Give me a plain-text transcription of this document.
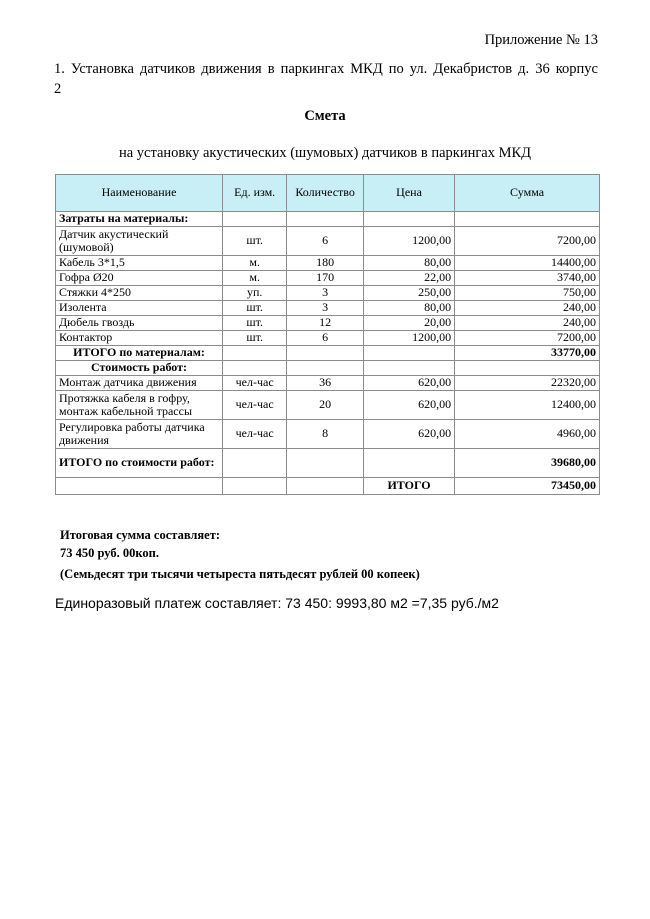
Приложение № 13
1. Установка датчиков движения в паркингах МКД по ул. Декабристов д. 36 корпус 2
Смета
на установку акустических (шумовых) датчиков в паркингах МКД
Наименование	Ед. изм.	Количество	Цена	Сумма
Затраты на материалы:				
Датчик акустический (шумовой)	шт.	6	1200,00	7200,00
Кабель 3*1,5	м.	180	80,00	14400,00
Гофра Ø20	м.	170	22,00	3740,00
Стяжки 4*250	уп.	3	250,00	750,00
Изолента	шт.	3	80,00	240,00
Дюбель гвоздь	шт.	12	20,00	240,00
Контактор	шт.	6	1200,00	7200,00
ИТОГО по материалам:				33770,00
Стоимость работ:				
Монтаж датчика движения	чел-час	36	620,00	22320,00
Протяжка кабеля в гофру, монтаж кабельной трассы	чел-час	20	620,00	12400,00
Регулировка работы датчика движения	чел-час	8	620,00	4960,00
ИТОГО по стоимости работ:				39680,00
			ИТОГО	73450,00
Итоговая сумма составляет:
73 450 руб. 00коп.
(Семьдесят три тысячи четыреста пятьдесят рублей 00 копеек)
Единоразовый платеж составляет: 73 450: 9993,80 м2 =7,35 руб./м2
